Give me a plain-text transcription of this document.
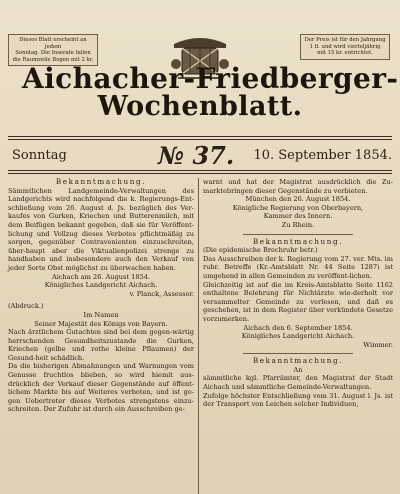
Dieses Blatt erscheint an jedem
Sonntag. Die Inserate fallen
die Raumzeile Bogen mit 2 kr.
Der Preis ist für den Jahrgang
1 fl. und wird vierteljährig
mit 15 kr. entrichtet.
Aichacher-Friedberger-
Wochenblatt.
Sonntag	№ 37. 10. September 1854.

Bekanntmachung.

Sämmtlichen Landgemeinde-Verwaltungen des Landgerichts wird nachfolgend die k. Regierungs-Ent-schließung vom 26. August d. Js. bezüglich des Ver-kaufes von Gurken, Kriechen und Butterenmilch, mit dem Beifügen bekannt gegeben, daß sie für Veröffent-lichung und Vollzug dieses Verbotes pflichtmäßig zu sorgen, gegenüber Contravenienten einzuschreiten, über-haupt aber die Viktualienpolizei strenge zu handhaben und insbesondere auch den Verkauf von jeder Sorte Obst möglichst zu überwachen haben.

Aichach am 26. August 1854.

Königliches Landgericht Aichach.

v. Planck, Assessor.

(Abdruck.)

Im Namen

Seiner Majestät des Königs von Bayern.

Nach ärztlichem Gutachten sind bei dem gegen-wärtig herrschenden Gesundheitszustande die Gurken, Kriechen (gelbe und rothe kleine Pflaumen) der Gesund-heit schädlich.

Da die bisherigen Abmahnungen und Warnungen vom Genusse fruchtlos blieben, so wird hiemit aus-drücklich der Verkauf dieser Gegenstände auf öffent-lichem Markte bis auf Weiteres verboten, und ist ge-gen Uebertreter dieses Verbotes strengstens einzu-schreiten. Der Zufuhr ist durch ein Ausschreiben ge-

warnt und hat der Magistrat ausdrücklich die Zu-marktebringen dieser Gegenstände zu verbieten.

München den 26. August 1854.

Königliche Regierung von Oberbayern,

Kammer des Innern.

Zu Rhein.

Bekanntmachung.

(Die epidemische Brechruhr betr.)

Das Ausschreiben der k. Regierung vom 27. ver. Mts. im rubr. Betreffe (Kr.-Amtsblatt Nr. 44 Seite 1287) ist umgehend in allen Gemeinden zu veröffent-lichen.

Gleichzeitig ist auf die im Kreis-Amtsblatte Seite 1162 enthaltene Belehrung für Nichtärzte wie-derholt vor versammelter Gemeinde zu verlesen, und daß es geschehen, ist in dem Register über verkündete Gesetze vorzumerken.

Aichach den 6. September 1854.

Königliches Landgericht Aichach.

Wimmer.

Bekanntmachung.

An

sämmtliche kgl. Pfarrämter, den Magistrat der Stadt Aichach und sämmtliche Gemeinde-Verwaltungen.

Zufolge höchster Entschließung vom 31. August l. Js. ist der Transport von Leichen solcher Individuen,
